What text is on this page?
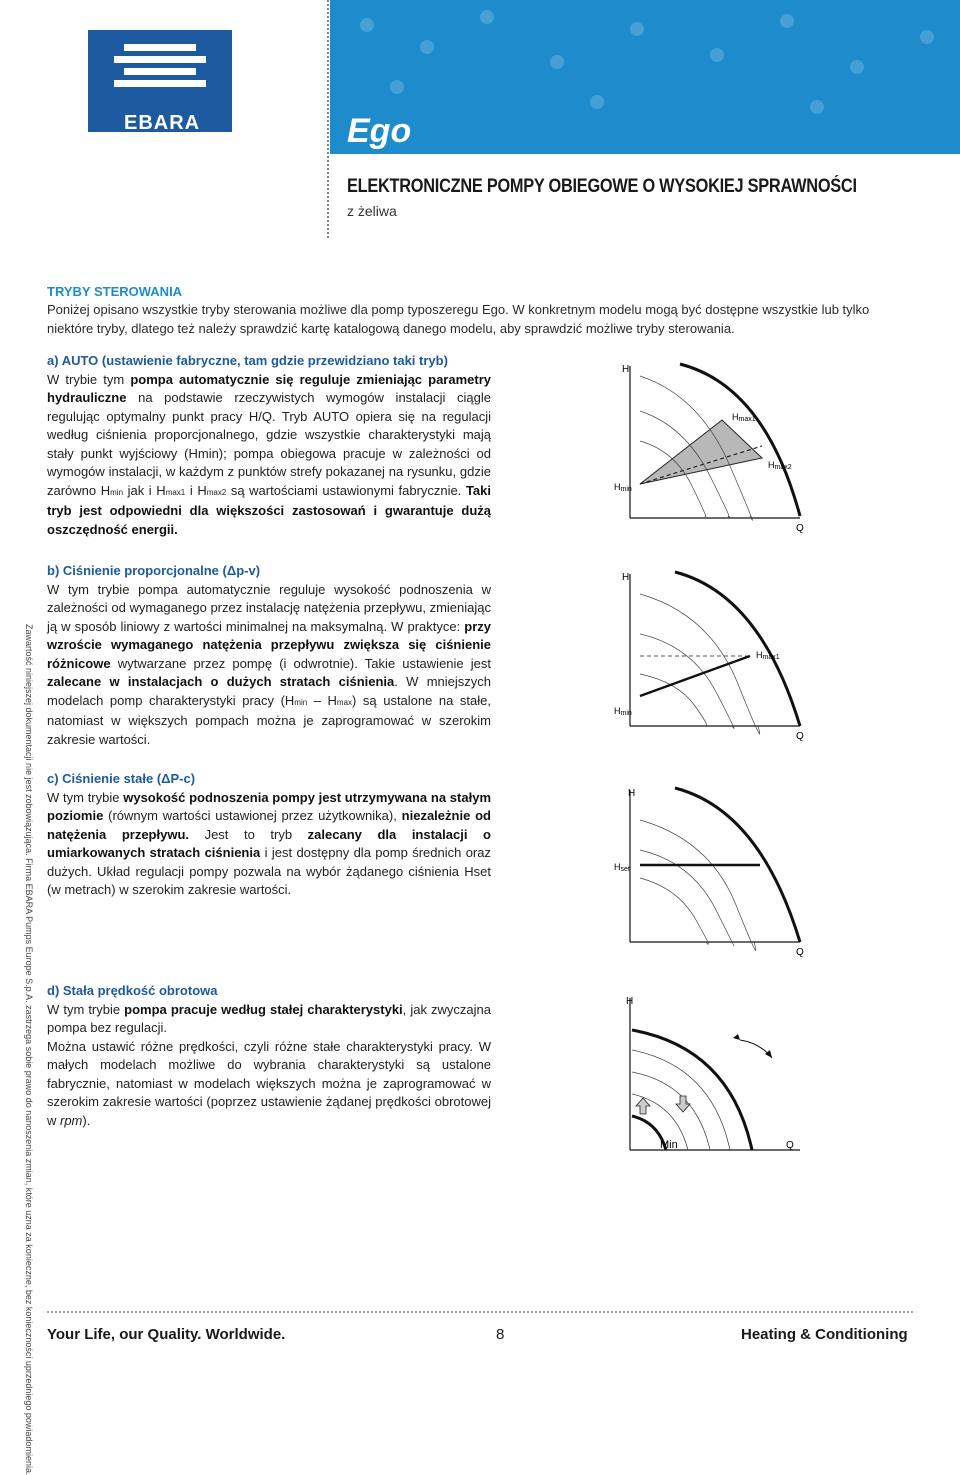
EBARA	Ego
ELEKTRONICZNE POMPY OBIEGOWE O WYSOKIEJ SPRAWNOŚCI
z żeliwa
TRYBY STEROWANIA
Poniżej opisano wszystkie tryby sterowania możliwe dla pomp typoszeregu Ego. W konkretnym modelu mogą być dostępne wszystkie lub tylko niektóre tryby, dlatego też należy sprawdzić kartę katalogową danego modelu, aby sprawdzić możliwe tryby sterowania.
a) AUTO (ustawienie fabryczne, tam gdzie przewidziano taki tryb)
W trybie tym pompa automatycznie się reguluje zmieniając parametry hydrauliczne na podstawie rzeczywistych wymogów instalacji ciągle regulując optymalny punkt pracy H/Q. Tryb AUTO opiera się na regulacji według ciśnienia proporcjonalnego, gdzie wszystkie charakterystyki mają stały punkt wyjściowy (Hmin); pompa obiegowa pracuje w zależności od wymogów instalacji, w każdym z punktów strefy pokazanej na rysunku, gdzie zarówno Hmin jak i Hmax1 i Hmax2 są wartościami ustawionymi fabrycznie. Taki tryb jest odpowiedni dla większości zastosowań i gwarantuje dużą oszczędność energii.
H
Q
Hmin
Hmax1
Hmax2
b) Ciśnienie proporcjonalne (Δp-v)
W tym trybie pompa automatycznie reguluje wysokość podnoszenia w zależności od wymaganego przez instalację natężenia przepływu, zmieniając ją w sposób liniowy z wartości minimalnej na maksymalną. W praktyce: przy wzroście wymaganego natężenia przepływu zwiększa się ciśnienie różnicowe wytwarzane przez pompę (i odwrotnie). Takie ustawienie jest zalecane w instalacjach o dużych stratach ciśnienia. W mniejszych modelach pomp charakterystyki pracy (Hmin – Hmax) są ustalone na stałe, natomiast w większych pompach można je zaprogramować w szerokim zakresie wartości.
H
Q
Hmin
Hmax1
c) Ciśnienie stałe (ΔP-c)
W tym trybie wysokość podnoszenia pompy jest utrzymywana na stałym poziomie (równym wartości ustawionej przez użytkownika), niezależnie od natężenia przepływu. Jest to tryb zalecany dla instalacji o umiarkowanych stratach ciśnienia i jest dostępny dla pomp średnich oraz dużych. Układ regulacji pompy pozwala na wybór żądanego ciśnienia Hset (w metrach) w szerokim zakresie wartości.
H
Q
Hset
d) Stała prędkość obrotowa
W tym trybie pompa pracuje według stałej charakterystyki, jak zwyczajna pompa bez regulacji.
Można ustawić różne prędkości, czyli różne stałe charakterystyki pracy. W małych modelach możliwe do wybrania charakterystyki są ustalone fabrycznie, natomiast w modelach większych można je zaprogramować w szerokim zakresie wartości (poprzez ustawienie żądanej prędkości obrotowej w rpm).
H
Q
Min
Zawartość niniejszej dokumentacji nie jest zobowiązująca. Firma EBARA Pumps Europe S.p.A. zastrzega sobie prawo do nanoszenia zmian, które uzna za konieczne, bez konieczności uprzedniego powiadomienia. Your Life, our Quality. Worldwide.	8	Heating & Conditioning
